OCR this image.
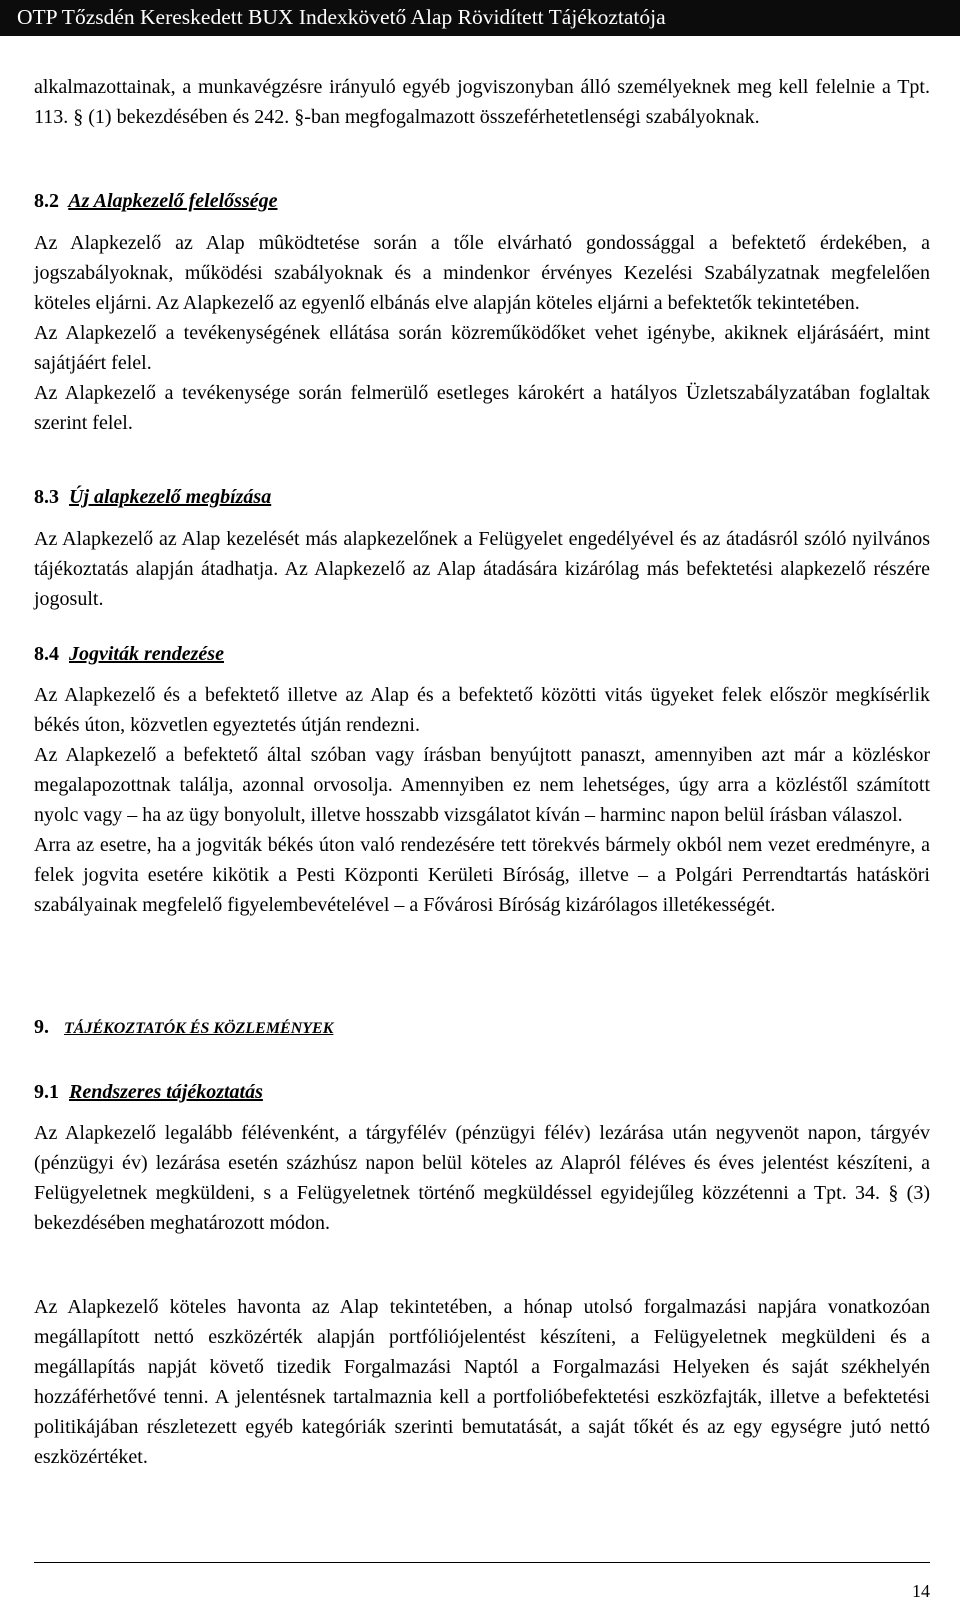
OTP Tőzsdén Kereskedett BUX Indexkövető Alap Rövidített Tájékoztatója

alkalmazottainak, a munkavégzésre irányuló egyéb jogviszonyban álló személyeknek meg kell felelnie a Tpt. 113. § (1) bekezdésében és 242. §-ban megfogalmazott összeférhetetlenségi szabályoknak.

8.2 Az Alapkezelő felelőssége

Az Alapkezelő az Alap mûködtetése során a tőle elvárható gondossággal a befektető érdekében, a jogszabályoknak, működési szabályoknak és a mindenkor érvényes Kezelési Szabályzatnak megfelelően köteles eljárni. Az Alapkezelő az egyenlő elbánás elve alapján köteles eljárni a befektetők tekintetében.

Az Alapkezelő a tevékenységének ellátása során közreműködőket vehet igénybe, akiknek eljárásáért, mint sajátjáért felel.

Az Alapkezelő a tevékenysége során felmerülő esetleges károkért a hatályos Üzletszabályzatában foglaltak szerint felel.

8.3 Új alapkezelő megbízása

Az Alapkezelő az Alap kezelését más alapkezelőnek a Felügyelet engedélyével és az átadásról szóló nyilvános tájékoztatás alapján átadhatja. Az Alapkezelő az Alap átadására kizárólag más befektetési alapkezelő részére jogosult.

8.4 Jogviták rendezése

Az Alapkezelő és a befektető illetve az Alap és a befektető közötti vitás ügyeket felek először megkísérlik békés úton, közvetlen egyeztetés útján rendezni.

Az Alapkezelő a befektető által szóban vagy írásban benyújtott panaszt, amennyiben azt már a közléskor megalapozottnak találja, azonnal orvosolja. Amennyiben ez nem lehetséges, úgy arra a közléstől számított nyolc vagy – ha az ügy bonyolult, illetve hosszabb vizsgálatot kíván – harminc napon belül írásban válaszol.

Arra az esetre, ha a jogviták békés úton való rendezésére tett törekvés bármely okból nem vezet eredményre, a felek jogvita esetére kikötik a Pesti Központi Kerületi Bíróság, illetve – a Polgári Perrendtartás hatásköri szabályainak megfelelő figyelembevételével – a Fővárosi Bíróság kizárólagos illetékességét.

9. TÁJÉKOZTATÓK ÉS KÖZLEMÉNYEK
9.1 Rendszeres tájékoztatás

Az Alapkezelő legalább félévenként, a tárgyfélév (pénzügyi félév) lezárása után negyvenöt napon, tárgyév (pénzügyi év) lezárása esetén százhúsz napon belül köteles az Alapról féléves és éves jelentést készíteni, a Felügyeletnek megküldeni, s a Felügyeletnek történő megküldéssel egyidejűleg közzétenni a Tpt. 34. § (3) bekezdésében meghatározott módon.

Az Alapkezelő köteles havonta az Alap tekintetében, a hónap utolsó forgalmazási napjára vonatkozóan megállapított nettó eszközérték alapján portfóliójelentést készíteni, a Felügyeletnek megküldeni és a megállapítás napját követő tizedik Forgalmazási Naptól a Forgalmazási Helyeken és saját székhelyén hozzáférhetővé tenni. A jelentésnek tartalmaznia kell a portfolióbefektetési eszközfajták, illetve a befektetési politikájában részletezett egyéb kategóriák szerinti bemutatását, a saját tőkét és az egy egységre jutó nettó eszközértéket.

14
